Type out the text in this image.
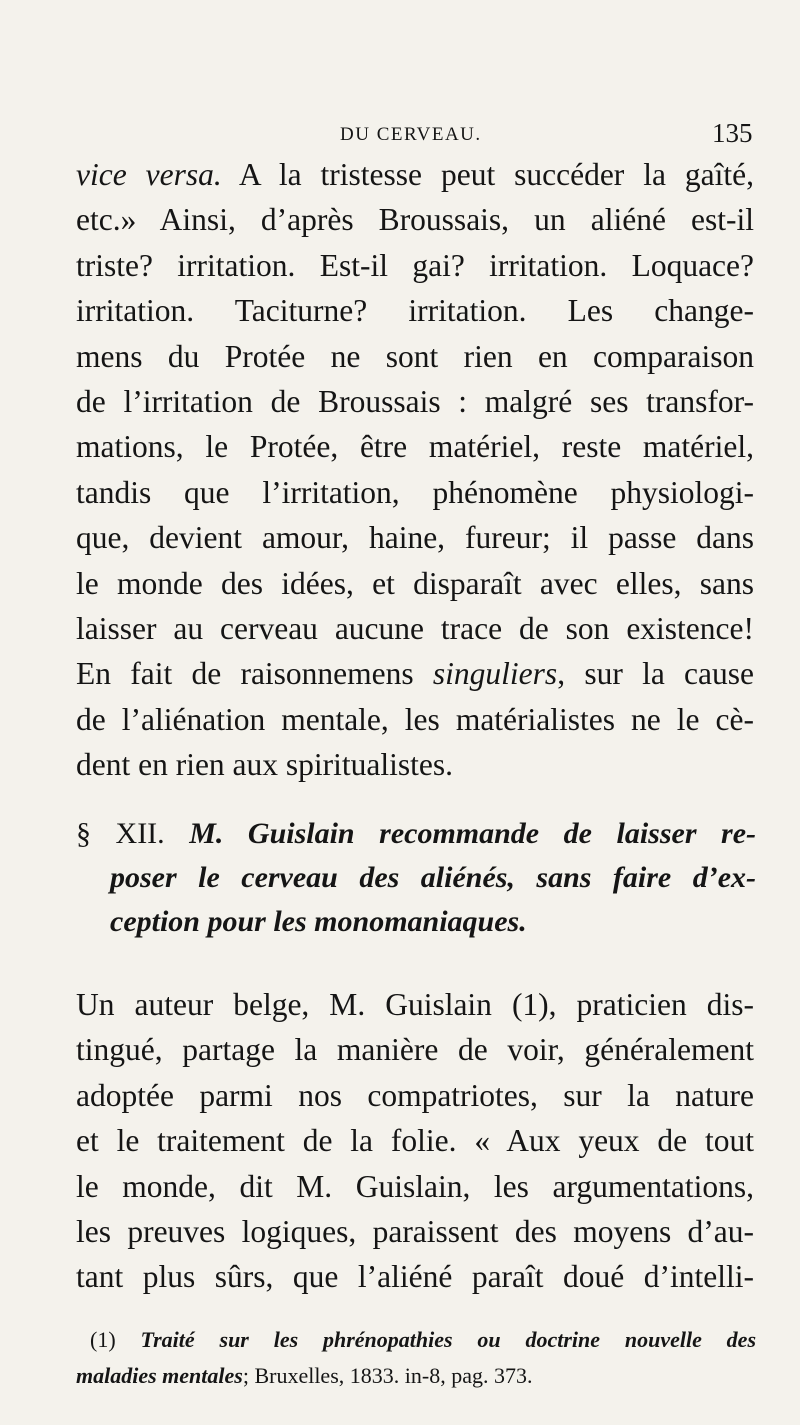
DU CERVEAU.	135
vice versa. A la tristesse peut succéder la gaîté,
etc.» Ainsi, d’après Broussais, un aliéné est-il
triste? irritation. Est-il gai? irritation. Loquace?
irritation. Taciturne? irritation. Les change-
mens du Protée ne sont rien en comparaison
de l’irritation de Broussais : malgré ses transfor-
mations, le Protée, être matériel, reste matériel,
tandis que l’irritation, phénomène physiologi-
que, devient amour, haine, fureur; il passe dans
le monde des idées, et disparaît avec elles, sans
laisser au cerveau aucune trace de son existence!
En fait de raisonnemens singuliers, sur la cause
de l’aliénation mentale, les matérialistes ne le cè-
dent en rien aux spiritualistes.
§ XII. M. Guislain recommande de laisser re-
poser le cerveau des aliénés, sans faire d’ex-
ception pour les monomaniaques.
Un auteur belge, M. Guislain (1), praticien dis-
tingué, partage la manière de voir, généralement
adoptée parmi nos compatriotes, sur la nature
et le traitement de la folie. « Aux yeux de tout
le monde, dit M. Guislain, les argumentations,
les preuves logiques, paraissent des moyens d’au-
tant plus sûrs, que l’aliéné paraît doué d’intelli-
(1) Traité sur les phrénopathies ou doctrine nouvelle des
maladies mentales; Bruxelles, 1833. in-8, pag. 373.
